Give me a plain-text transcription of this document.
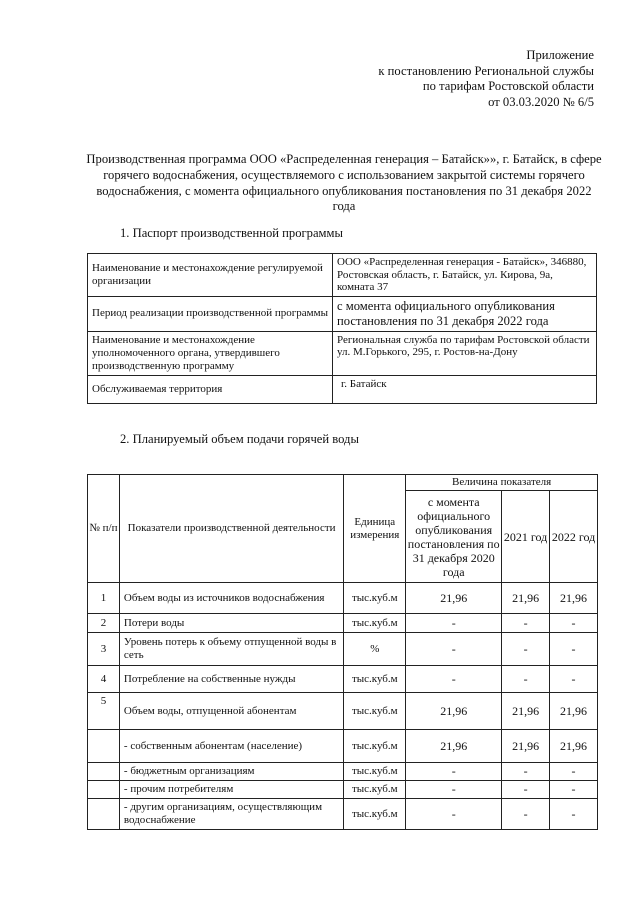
Приложение
к постановлению Региональной службы
по тарифам Ростовской области
от 03.03.2020 № 6/5
Производственная программа ООО «Распределенная генерация – Батайск»», г. Батайск, в сфере горячего водоснабжения, осуществляемого с использованием закрытой системы горячего водоснабжения, с момента официального опубликования постановления по 31 декабря 2022 года
1. Паспорт производственной программы
Наименование и местонахождение регулируемой организации	ООО «Распределенная генерация - Батайск», 346880, Ростовская область, г. Батайск, ул. Кирова, 9а, комната 37
Период реализации производственной программы	с момента официального опубликования постановления по 31 декабря 2022 года
Наименование и местонахождение уполномоченного органа, утвердившего производственную программу	Региональная служба по тарифам Ростовской области
ул. М.Горького, 295, г. Ростов-на-Дону

Обслуживаемая территория	г. Батайск
2. Планируемый объем подачи горячей воды
№ п/п	Показатели производственной деятельности	Единица измерения	Величина показателя		
			с момента официального опубликования постановления по 31 декабря 2020 года	2021 год	2022 год
1	Объем воды из источников водоснабжения	тыс.куб.м	21,96	21,96	21,96
2	Потери воды	тыс.куб.м	-	-	-
3	Уровень потерь к объему отпущенной воды в сеть	%	-	-	-
4	Потребление на собственные нужды	тыс.куб.м	-	-	-
5	Объем воды, отпущенной абонентам	тыс.куб.м	21,96	21,96	21,96
	- собственным абонентам (население)	тыс.куб.м	21,96	21,96	21,96
	- бюджетным организациям	тыс.куб.м	-	-	-
	- прочим потребителям	тыс.куб.м	-	-	-
	- другим организациям, осуществляющим водоснабжение	тыс.куб.м	-	-	-
